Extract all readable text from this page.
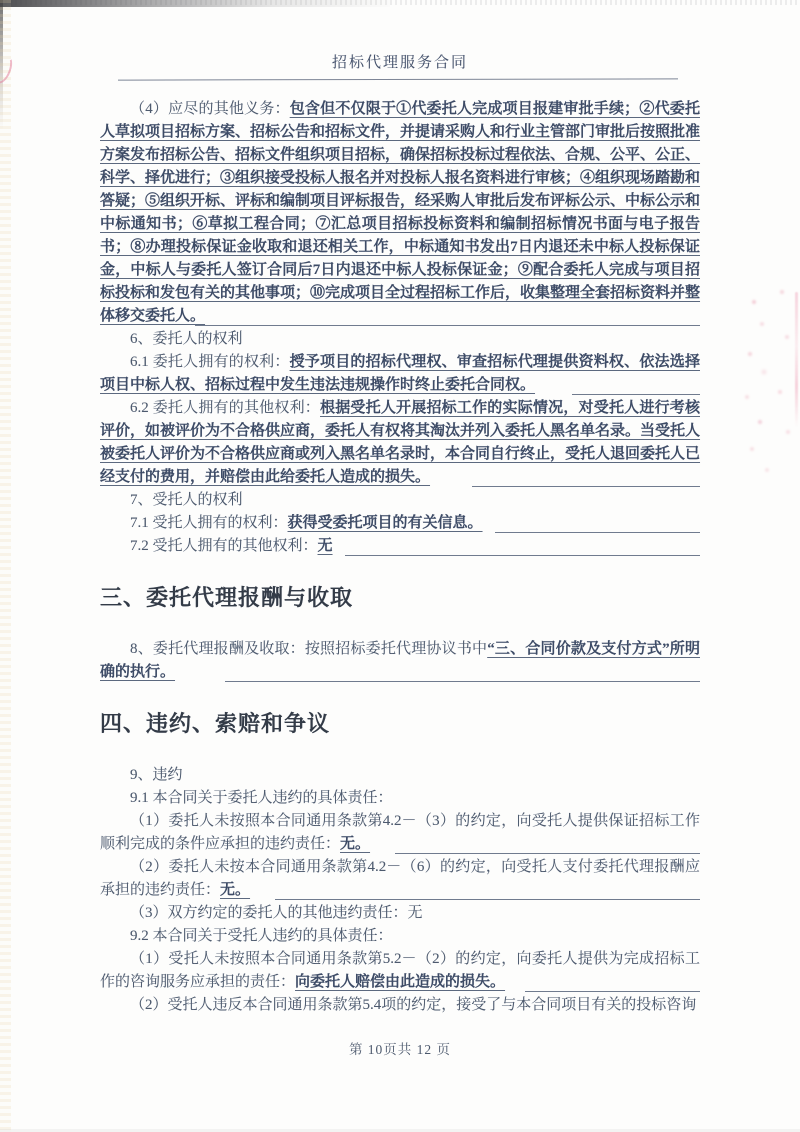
招标代理服务合同

（4）应尽的其他义务：包含但不仅限于①代委托人完成项目报建审批手续；②代委托人草拟项目招标方案、招标公告和招标文件，并提请采购人和行业主管部门审批后按照批准方案发布招标公告、招标文件组织项目招标，确保招标投标过程依法、合规、公平、公正、科学、择优进行；③组织接受投标人报名并对投标人报名资料进行审核；④组织现场踏勘和答疑；⑤组织开标、评标和编制项目评标报告，经采购人审批后发布评标公示、中标公示和中标通知书；⑥草拟工程合同；⑦汇总项目招标投标资料和编制招标情况书面与电子报告书；⑧办理投标保证金收取和退还相关工作，中标通知书发出7日内退还未中标人投标保证金，中标人与委托人签订合同后7日内退还中标人投标保证金；⑨配合委托人完成与项目招标投标和发包有关的其他事项；⑩完成项目全过程招标工作后，收集整理全套招标资料并整体移交委托人。

6、委托人的权利

6.1 委托人拥有的权利：授予项目的招标代理权、审查招标代理提供资料权、依法选择项目中标人权、招标过程中发生违法违规操作时终止委托合同权。

6.2 委托人拥有的其他权利：根据受托人开展招标工作的实际情况，对受托人进行考核评价，如被评价为不合格供应商，委托人有权将其淘汰并列入委托人黑名单名录。当受托人被委托人评价为不合格供应商或列入黑名单名录时，本合同自行终止，受托人退回委托人已经支付的费用，并赔偿由此给委托人造成的损失。

7、受托人的权利

7.1 受托人拥有的权利：获得受委托项目的有关信息。

7.2 受托人拥有的其他权利：无

三、委托代理报酬与收取

8、委托代理报酬及收取：按照招标委托代理协议书中“三、合同价款及支付方式”所明确的执行。

四、违约、索赔和争议

9、违约

9.1 本合同关于委托人违约的具体责任：

（1）委托人未按照本合同通用条款第4.2－（3）的约定，向受托人提供保证招标工作顺利完成的条件应承担的违约责任：无。

（2）委托人未按本合同通用条款第4.2－（6）的约定，向受托人支付委托代理报酬应承担的违约责任：无。

（3）双方约定的委托人的其他违约责任：无

9.2 本合同关于受托人违约的具体责任：

（1）受托人未按照本合同通用条款第5.2－（2）的约定，向委托人提供为完成招标工作的咨询服务应承担的责任：向委托人赔偿由此造成的损失。

（2）受托人违反本合同通用条款第5.4项的约定，接受了与本合同项目有关的投标咨询

第 10页共 12 页
